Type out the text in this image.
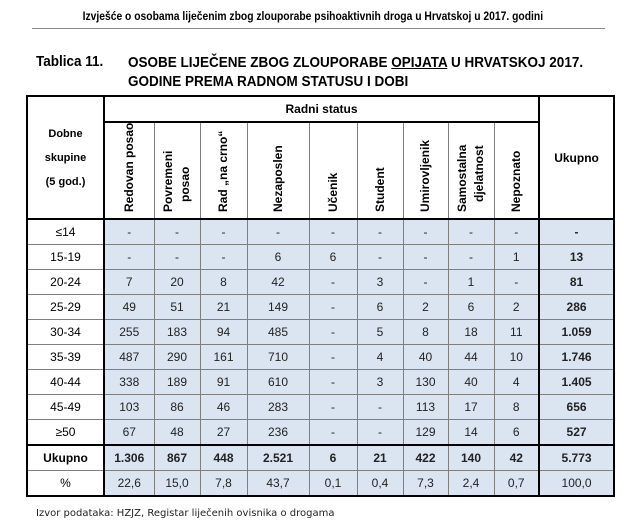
Izvješće o osobama liječenim zbog zlouporabe psihoaktivnih droga u Hrvatskoj u 2017. godini
Tablica 11. OSOBE LIJEČENE ZBOG ZLOUPORABE OPIJATA U HRVATSKOJ 2017.
GODINE PREMA RADNOM STATUSU I DOBI
Dobne
skupine
(5 god.)	Radni status									Ukupno

Redovan posao	Povremeni posao	Rad „na crno“	Nezaposlen	Učenik	Student	Umirovljenik	Samostalna djelatnost	Nepoznato

≤14	-	-	-	-	-	-	-	-	-	-
15-19	-	-	-	6	6	-	-	-	1	13
20-24	7	20	8	42	-	3	-	1	-	81
25-29	49	51	21	149	-	6	2	6	2	286
30-34	255	183	94	485	-	5	8	18	11	1.059
35-39	487	290	161	710	-	4	40	44	10	1.746
40-44	338	189	91	610	-	3	130	40	4	1.405
45-49	103	86	46	283	-	-	113	17	8	656
≥50	67	48	27	236	-	-	129	14	6	527
Ukupno	1.306	867	448	2.521	6	21	422	140	42	5.773
%	22,6	15,0	7,8	43,7	0,1	0,4	7,3	2,4	0,7	100,0
Izvor podataka: HZJZ, Registar liječenih ovisnika o drogama
